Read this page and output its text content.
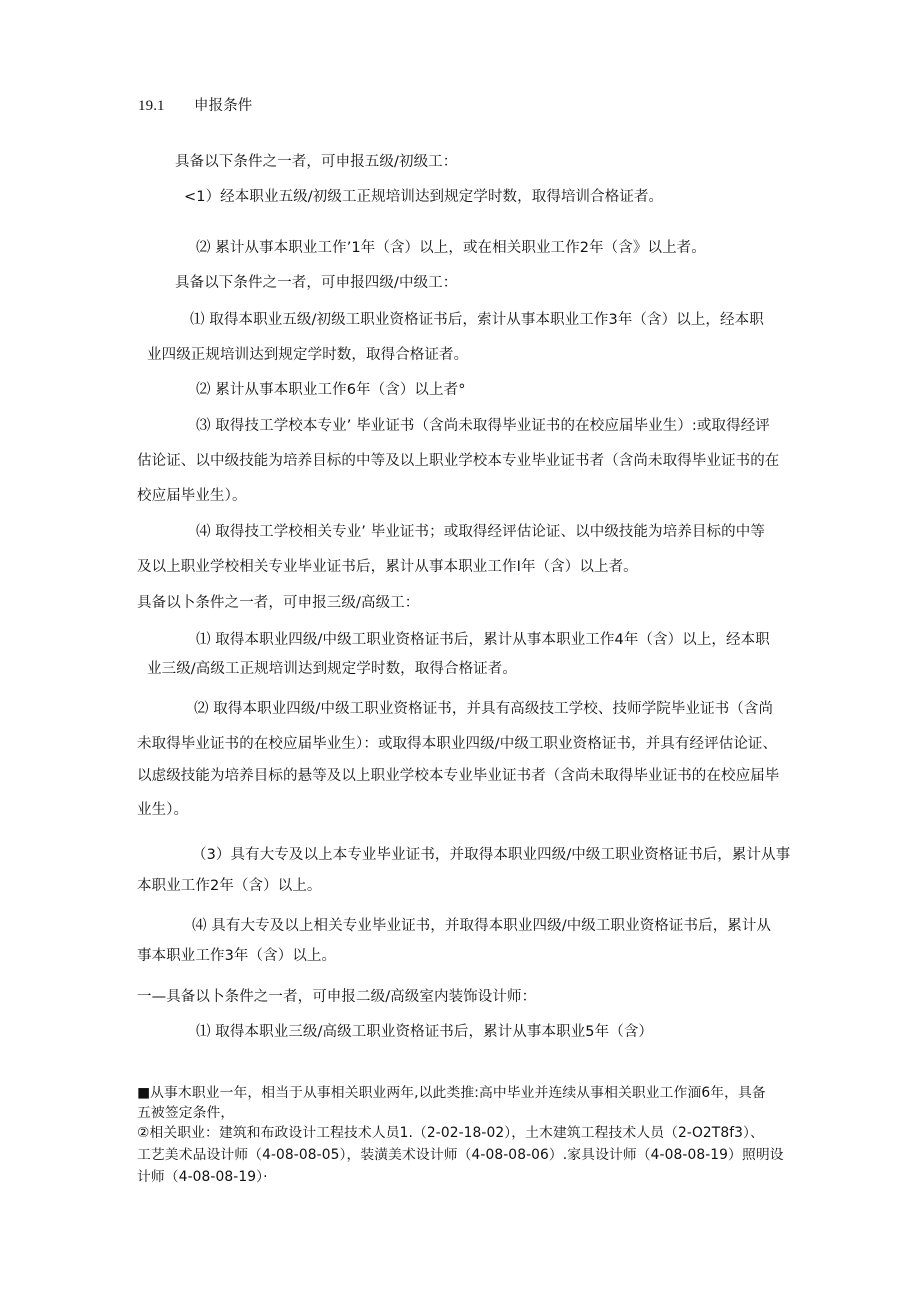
19.1 申报条件
具备以下条件之一者，可申报五级/初级工：
<1）经本职业五级/初级工正规培训达到规定学时数，取得培训合格证者。
⑵ 累计从事本职业工作’1年（含）以上，或在相关职业工作2年（含》以上者。
具备以下条件之一者，可申报四级/中级工：
⑴ 取得本职业五级/初级工职业资格证书后，索计从事本职业工作3年（含）以上，经本职
业四级正规培训达到规定学时数，取得合格证者。
⑵ 累计从事本职业工作6年（含）以上者°
⑶ 取得技工学校本专业’ 毕业证书（含尚未取得毕业证书的在校应届毕业生）:或取得经评
估论证、以中级技能为培养目标的中等及以上职业学校本专业毕业证书者（含尚未取得毕业证书的在
校应届毕业生）。
⑷ 取得技工学校相关专业’ 毕业证书；或取得经评估论证、以中级技能为培养目标的中等
及以上职业学校相关专业毕业证书后，累计从事本职业工作I年（含）以上者。
具备以卜条件之一者，可申报三级/高级工：
⑴ 取得本职业四级/中级工职业资格证书后，累计从事本职业工作4年（含）以上，经本职
业三级/高级工正规培训达到规定学时数，取得合格证者。
⑵ 取得本职业四级/中级工职业资格证书，并具有高级技工学校、技师学院毕业证书（含尚
未取得毕业证书的在校应届毕业生）：或取得本职业四级/中级工职业资格证书，并具有经评估论证、
以虑级技能为培养目标的悬等及以上职业学校本专业毕业证书者（含尚未取得毕业证书的在校应届毕
业生）。
（3）具有大专及以上本专业毕业证书，并取得本职业四级/中级工职业资格证书后，累计从事
本职业工作2年（含）以上。
⑷ 具有大专及以上相关专业毕业证书，并取得本职业四级/中级工职业资格证书后，累计从
事本职业工作3年（含）以上。
一—具备以卜条件之一者，可申报二级/高级室内装饰设计师：
⑴ 取得本职业三级/高级工职业资格证书后，累计从事本职业5年（含）
■从事木职业一年，相当于从事相关职业两年,以此类推:高中毕业并连续从事相关职业工作湎6年，具备
五被签定条件，
②相关职业：建筑和布政设计工程技术人员1.（2-02-18-02），土木建筑工程技术人员（2-O2T8f3）、
工艺美术品设计师（4-08-08-05），装潢美术设计师（4-08-08-06）.家具设计师（4-08-08-19）照明设
计师（4-08-08-19）·
